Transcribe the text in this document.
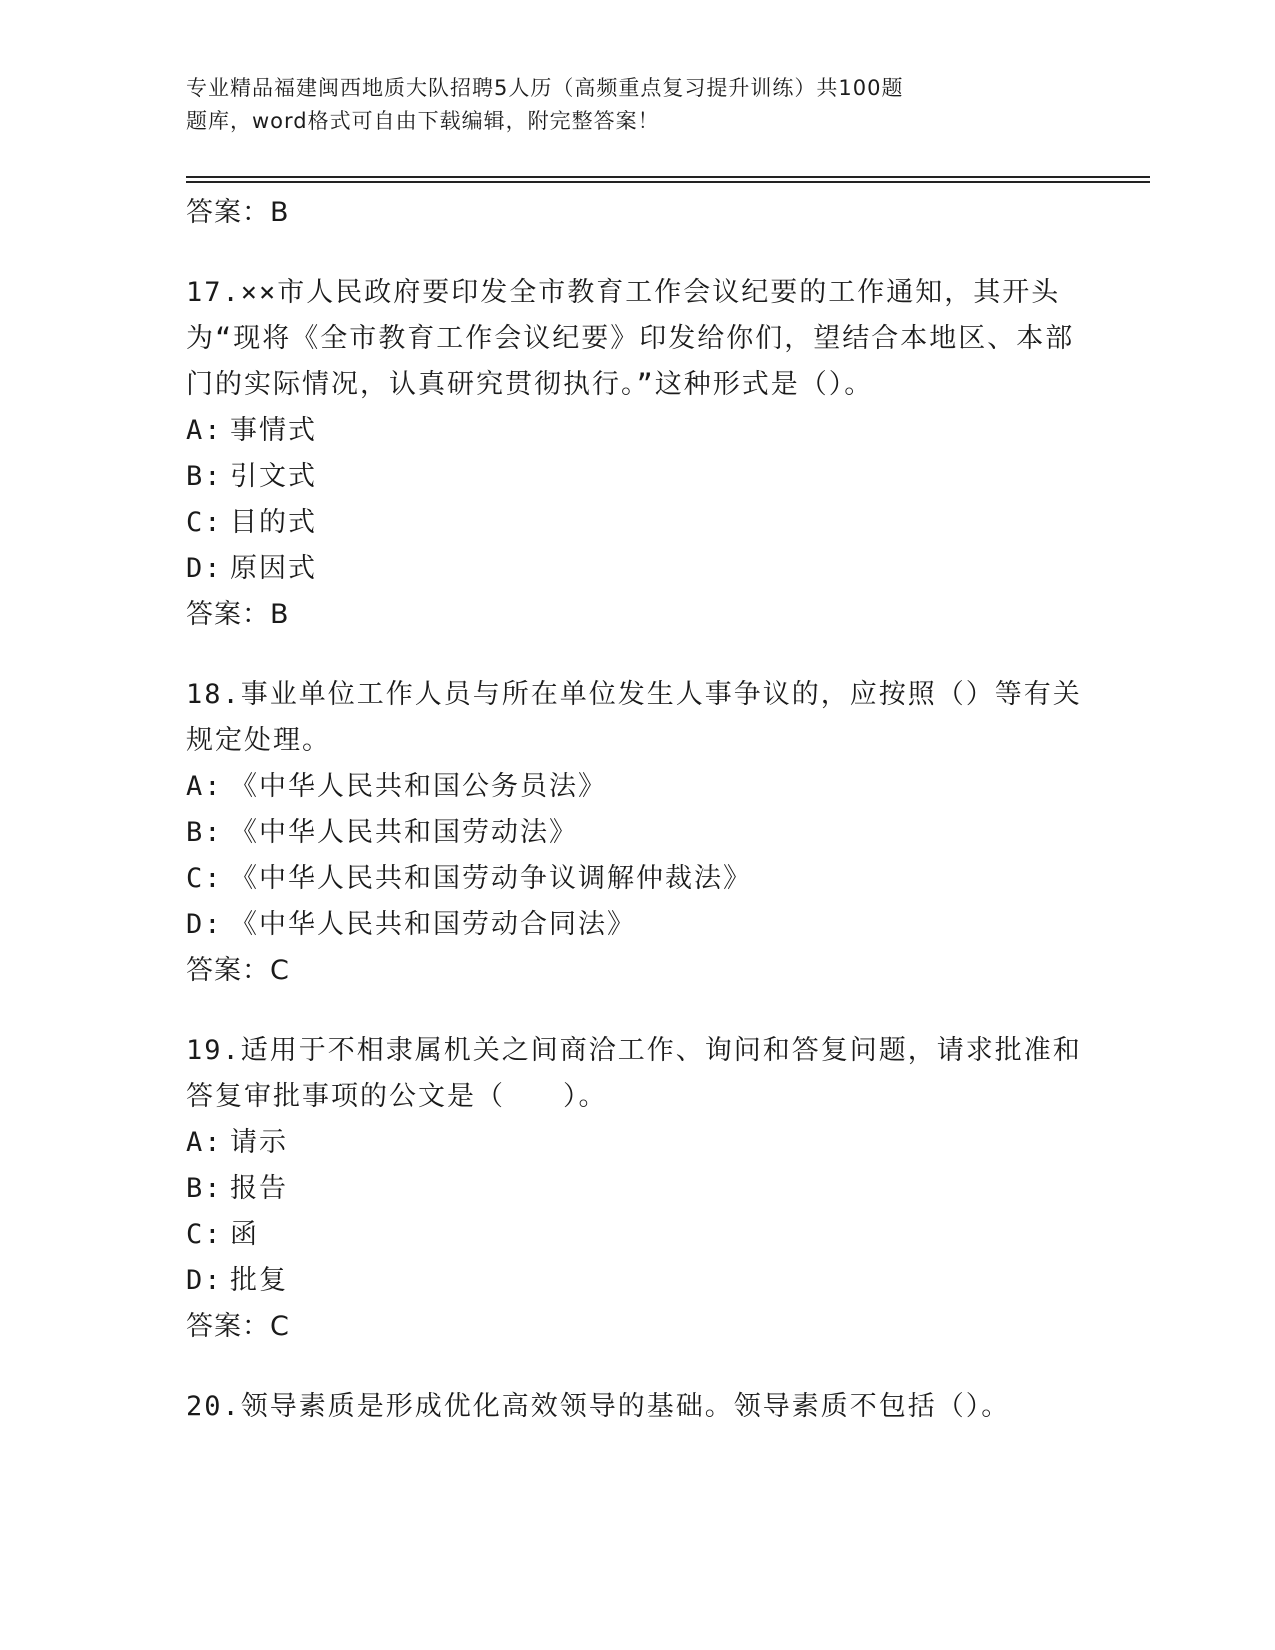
专业精品福建闽西地质大队招聘5人历（高频重点复习提升训练）共100题
题库，word格式可自由下载编辑，附完整答案！

答案：B

17.××市人民政府要印发全市教育工作会议纪要的工作通知，其开头为“现将《全市教育工作会议纪要》印发给你们，望结合本地区、本部门的实际情况，认真研究贯彻执行。”这种形式是（）。

A: 事情式

B: 引文式

C: 目的式

D: 原因式

答案：B

18.事业单位工作人员与所在单位发生人事争议的，应按照（）等有关规定处理。

A: 《中华人民共和国公务员法》

B: 《中华人民共和国劳动法》

C: 《中华人民共和国劳动争议调解仲裁法》

D: 《中华人民共和国劳动合同法》

答案：C

19.适用于不相隶属机关之间商洽工作、询问和答复问题，请求批准和答复审批事项的公文是（　　）。

A: 请示

B: 报告

C: 函

D: 批复

答案：C

20.领导素质是形成优化高效领导的基础。领导素质不包括（）。
